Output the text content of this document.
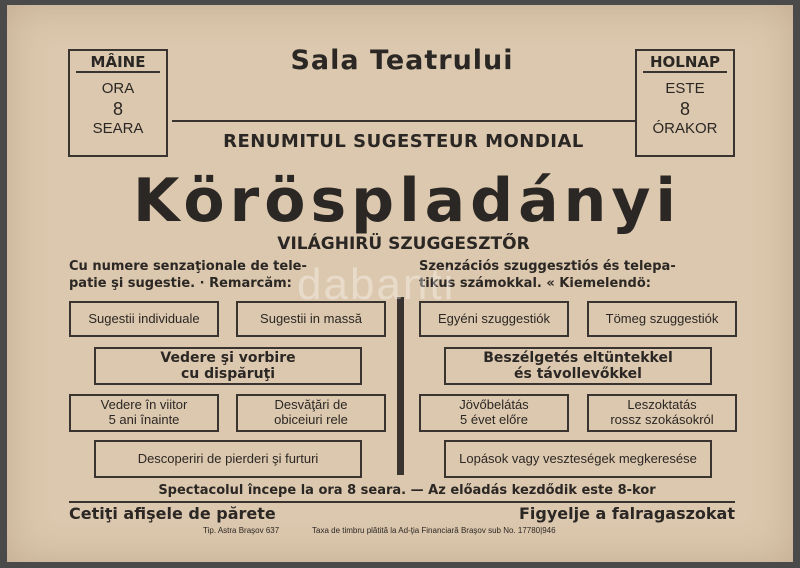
MÂINE
ORA
8
SEARA
HOLNAP
ESTE
8
ÓRAKOR
Sala Teatrului
RENUMITUL SUGESTEUR MONDIAL
Köröspladányi
VILÁGHIRÜ SZUGGESZTŐR
Cu numere senzaţionale de tele-
patie şi sugestie. · Remarcăm:
Szenzációs szuggesztiós és telepa-
tikus számokkal. « Kiemelendö:
Sugestii individuale	Sugestii in massă
Vedere şi vorbire
cu dispăruţi
Vedere în viitor
5 ani înainte
Desvăţări de
obiceiuri rele
Descoperiri de pierderi şi furturi
Egyéni szuggestiók	Tömeg szuggestiók
Beszélgetés eltüntekkel
és távollevőkkel
Jövőbelátás
5 évet előre
Leszoktatás
rossz szokásokról
Lopások vagy veszteségek megkeresése
Spectacolul începe la ora 8 seara. — Az előadás kezdődik este 8-kor
Cetiţi afişele de părete	Figyelje a falragaszokat
Tip. Astra Braşov 637	Taxa de timbru plătită la Ad-ţia Financiară Braşov sub No. 17780|946
dabanti
